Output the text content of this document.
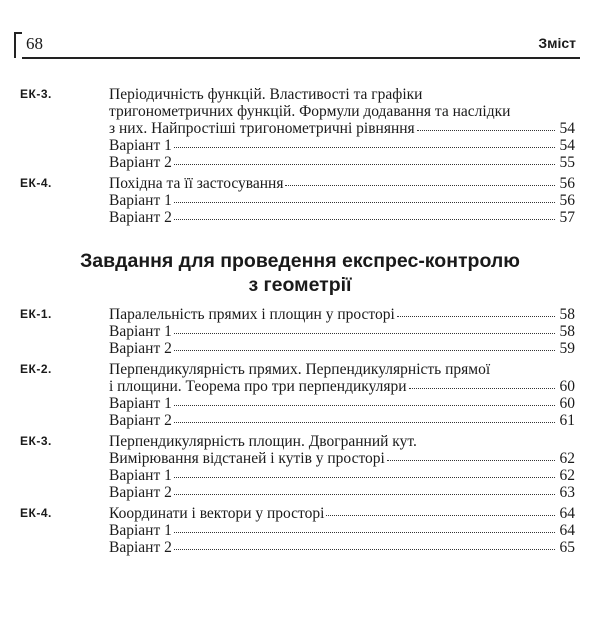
68	Зміст
ЕК-3.	Періодичність функцій. Властивості та графіки
тригонометричних функцій. Формули додавання та наслідки
з них. Найпростіші тригонометричні рівняння	54
Варіант 1	54
Варіант 2	55
ЕК-4.	Похідна та її застосування	56
Варіант 1	56
Варіант 2	57
Завдання для проведення експрес-контролю
з геометрії
ЕК-1.	Паралельність прямих і площин у просторі	58
Варіант 1	58
Варіант 2	59
ЕК-2.	Перпендикулярність прямих. Перпендикулярність прямої
і площини. Теорема про три перпендикуляри	60
Варіант 1	60
Варіант 2	61
ЕК-3.	Перпендикулярність площин. Двогранний кут.
Вимірювання відстаней і кутів у просторі	62
Варіант 1	62
Варіант 2	63
ЕК-4.	Координати і вектори у просторі	64
Варіант 1	64
Варіант 2	65
